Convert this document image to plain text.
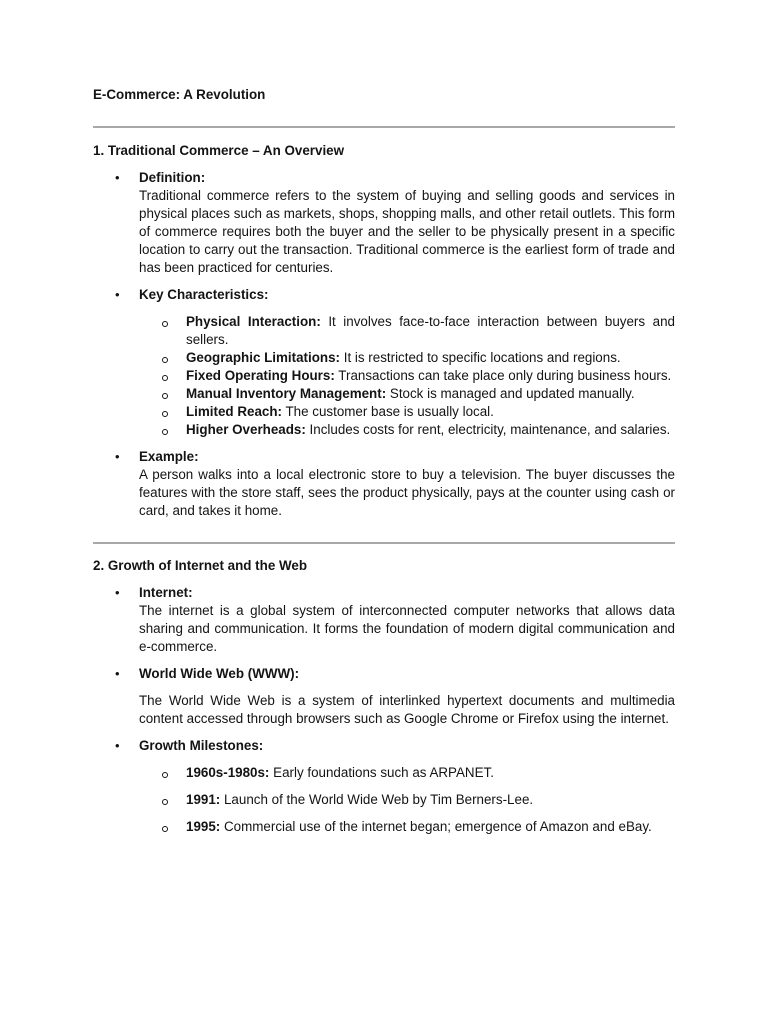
E-Commerce: A Revolution

1. Traditional Commerce – An Overview

• Definition:
Traditional commerce refers to the system of buying and selling goods and services in physical places such as markets, shops, shopping malls, and other retail outlets. This form of commerce requires both the buyer and the seller to be physically present in a specific location to carry out the transaction. Traditional commerce is the earliest form of trade and has been practiced for centuries.
• Key Characteristics:
Physical Interaction: It involves face-to-face interaction between buyers and sellers.
Geographic Limitations: It is restricted to specific locations and regions.
Fixed Operating Hours: Transactions can take place only during business hours.
Manual Inventory Management: Stock is managed and updated manually.
Limited Reach: The customer base is usually local.
Higher Overheads: Includes costs for rent, electricity, maintenance, and salaries.
• Example:
A person walks into a local electronic store to buy a television. The buyer discusses the features with the store staff, sees the product physically, pays at the counter using cash or card, and takes it home.

2. Growth of Internet and the Web

• Internet:
The internet is a global system of interconnected computer networks that allows data sharing and communication. It forms the foundation of modern digital communication and e-commerce.
• World Wide Web (WWW):
The World Wide Web is a system of interlinked hypertext documents and multimedia content accessed through browsers such as Google Chrome or Firefox using the internet.
• Growth Milestones:
1960s-1980s: Early foundations such as ARPANET.
1991: Launch of the World Wide Web by Tim Berners-Lee.
1995: Commercial use of the internet began; emergence of Amazon and eBay.
